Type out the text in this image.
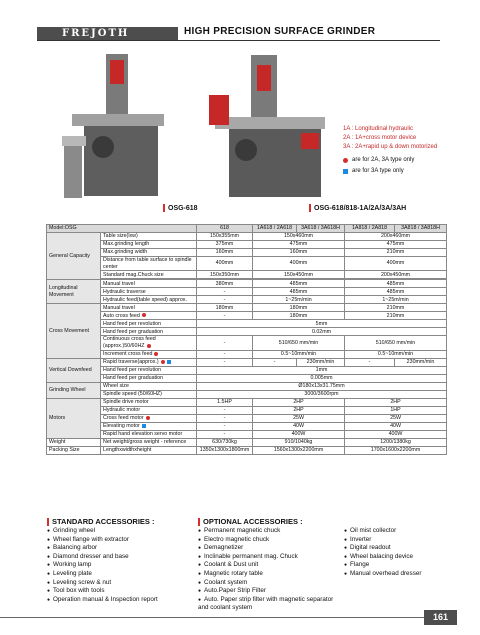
FREJOTH	HIGH PRECISION SURFACE GRINDER
OSG-618
1A : Longitudinal hydraulic
2A : 1A+cross motor device
3A : 2A+rapid up & down motorized
are for 2A, 3A type only
are for 3A type only
OSG-618/818-1A/2A/3A/3AH
Model:OSG		618	1A618 / 2A618	3A618 / 3A618H	1A818 / 2A818	3A818 / 3A818H
General Capacity	Table size(lxw)	150x355mm	150x460mm		200x460mm	
	Max.grinding length	375mm	475mm		475mm	
	Max.grinding width	160mm	160mm		210mm	
	Distance from table surface to spindle center	400mm	400mm		400mm	
	Standard mag.Chuck size	150x350mm	150x450mm		200x450mm	

Longitudinal Movement	Manual travel	380mm	485mm		485mm	
	Hydraulic traverse	-	485mm		485mm	
	Hydraulic feed(table speed) approx.	-	1~25m/min		1~25m/min	
Cross Movement	Manual travel	180mm	180mm		210mm	
	Auto cross feed	-	180mm		210mm	
	Hand feed per revolution	5mm				
	Hand feed per graduation	0.02mm				
	Continuous cross feed (approx.)50/60HZ	-	510/650 mm/min		510/650 mm/min	
	Increment cross feed	-	0.5~10mm/min		0.5~10mm/min	
Vertical Downfeed	Rapid traverse(approx.)	-	-	230mm/min	-	230mm/min
	Hand feed per revolution	1mm				
	Hand feed per graduation	0.005mm				
Grinding Wheel	Wheel size	Ø180x13x31.75mm				
	Spindle speed (50/60HZ)	3000/3600rpm				
Motors	Spindle drive motor	1.5HP	2HP		2HP	
	Hydraulic motor	-	2HP		1HP	
	Cross feed motor	-	25W		25W	
	Elevating motor	-	40W		40W	
	Rapid hand elevation servo motor	-	400W		400W	
Weight	Net weight/gross weight - reference	630/730kg	910/1040kg		1200/1380kg	
Packing Size	Lengthxwidthxheight	1350x1300x1800mm	1560x1300x2200mm		1700x1600x2200mm	
STANDARD ACCESSORIES :
● Grinding wheel
● Wheel flange with extractor
● Balancing arbor
● Diamond dresser and base
● Working lamp
● Leveling plate
● Leveling screw & nut
● Tool box with tools
● Operation manual & Inspection report
OPTIONAL ACCESSORIES :
● Permanent magnetic chuck
● Electro magnetic chuck
● Demagnetizer
● Inclinable permanent mag. Chuck
● Coolant & Dust unit
● Magnetic rotary table
● Coolant system
● Auto.Paper Strip Filter
● Auto. Paper strip filter with magnetic separator and coolant system
● Oil mist collector
● Inverter
● Digital readout
● Wheel balacing device
● Flange
● Manual overhead dresser
161
